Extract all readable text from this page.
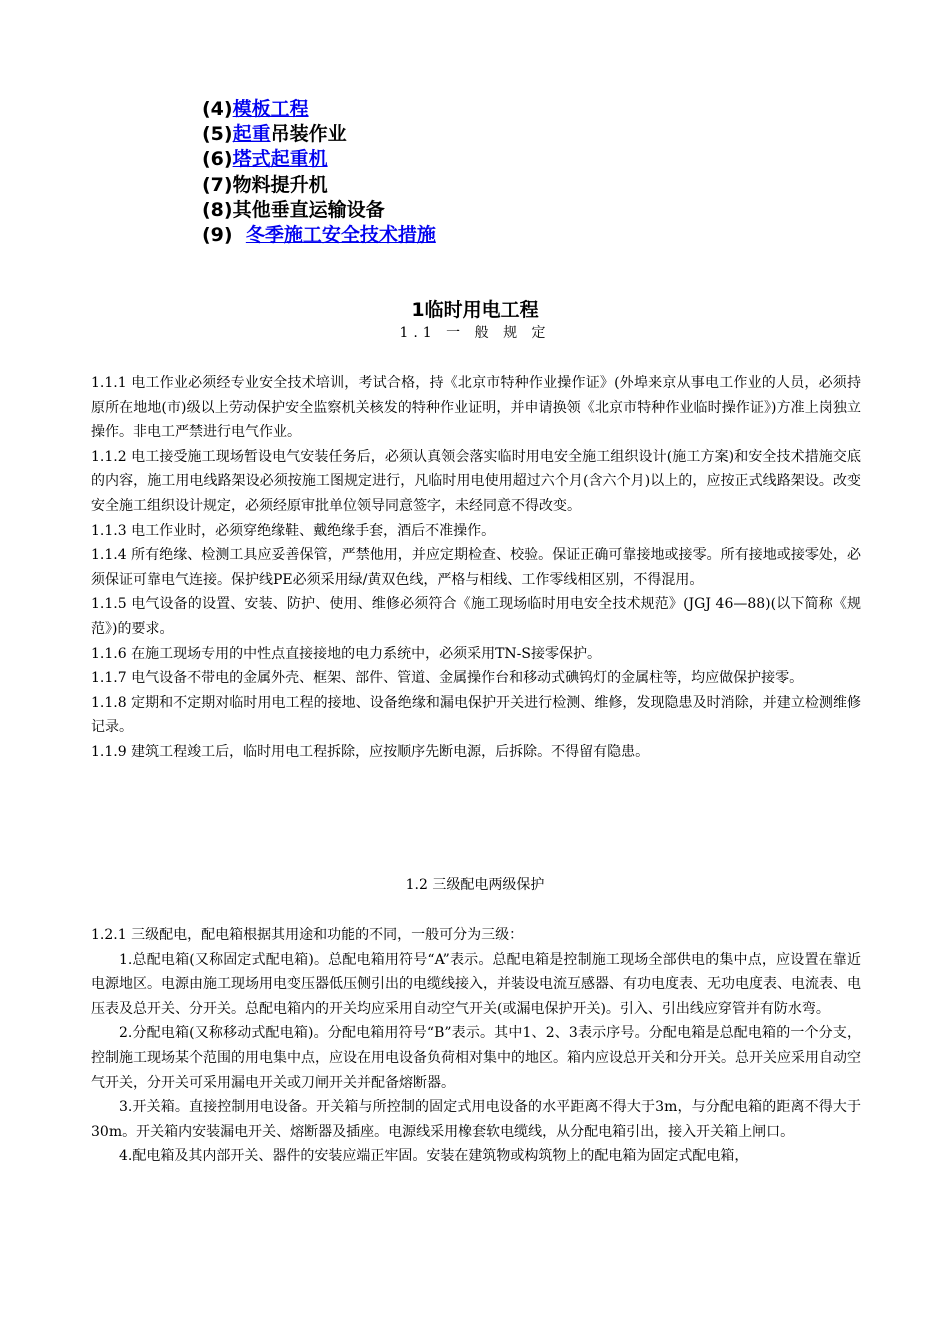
(4)模板工程
(5)起重吊装作业
(6)塔式起重机
(7)物料提升机
(8)其他垂直运输设备
(9)  冬季施工安全技术措施
1临时用电工程
1.1 一 般 规 定

1.1.1 电工作业必须经专业安全技术培训，考试合格，持《北京市特种作业操作证》(外埠来京从事电工作业的人员，必须持原所在地地(市)级以上劳动保护安全监察机关核发的特种作业证明，并申请换领《北京市特种作业临时操作证》)方准上岗独立操作。非电工严禁进行电气作业。

1.1.2 电工接受施工现场暂设电气安装任务后，必须认真领会落实临时用电安全施工组织设计(施工方案)和安全技术措施交底的内容，施工用电线路架设必须按施工图规定进行，凡临时用电使用超过六个月(含六个月)以上的，应按正式线路架设。改变安全施工组织设计规定，必须经原审批单位领导同意签字，未经同意不得改变。

1.1.3 电工作业时，必须穿绝缘鞋、戴绝缘手套，酒后不准操作。

1.1.4 所有绝缘、检测工具应妥善保管，严禁他用，并应定期检查、校验。保证正确可靠接地或接零。所有接地或接零处，必须保证可靠电气连接。保护线PE必须采用绿/黄双色线，严格与相线、工作零线相区别，不得混用。

1.1.5 电气设备的设置、安装、防护、使用、维修必须符合《施工现场临时用电安全技术规范》(JGJ 46—88)(以下简称《规范》)的要求。

1.1.6 在施工现场专用的中性点直接接地的电力系统中，必须采用TN-S接零保护。

1.1.7 电气设备不带电的金属外壳、框架、部件、管道、金属操作台和移动式碘钨灯的金属柱等，均应做保护接零。

1.1.8 定期和不定期对临时用电工程的接地、设备绝缘和漏电保护开关进行检测、维修，发现隐患及时消除，并建立检测维修记录。

1.1.9 建筑工程竣工后，临时用电工程拆除，应按顺序先断电源，后拆除。不得留有隐患。

1.2 三级配电两级保护

1.2.1 三级配电，配电箱根据其用途和功能的不同，一般可分为三级：

1.总配电箱(又称固定式配电箱)。总配电箱用符号“A”表示。总配电箱是控制施工现场全部供电的集中点，应设置在靠近电源地区。电源由施工现场用电变压器低压侧引出的电缆线接入，并装设电流互感器、有功电度表、无功电度表、电流表、电压表及总开关、分开关。总配电箱内的开关均应采用自动空气开关(或漏电保护开关)。引入、引出线应穿管并有防水弯。

2.分配电箱(又称移动式配电箱)。分配电箱用符号“B”表示。其中1、2、3表示序号。分配电箱是总配电箱的一个分支，控制施工现场某个范围的用电集中点，应设在用电设备负荷相对集中的地区。箱内应设总开关和分开关。总开关应采用自动空气开关，分开关可采用漏电开关或刀闸开关并配备熔断器。

3.开关箱。直接控制用电设备。开关箱与所控制的固定式用电设备的水平距离不得大于3m，与分配电箱的距离不得大于30m。开关箱内安装漏电开关、熔断器及插座。电源线采用橡套软电缆线，从分配电箱引出，接入开关箱上闸口。

4.配电箱及其内部开关、器件的安装应端正牢固。安装在建筑物或构筑物上的配电箱为固定式配电箱，
